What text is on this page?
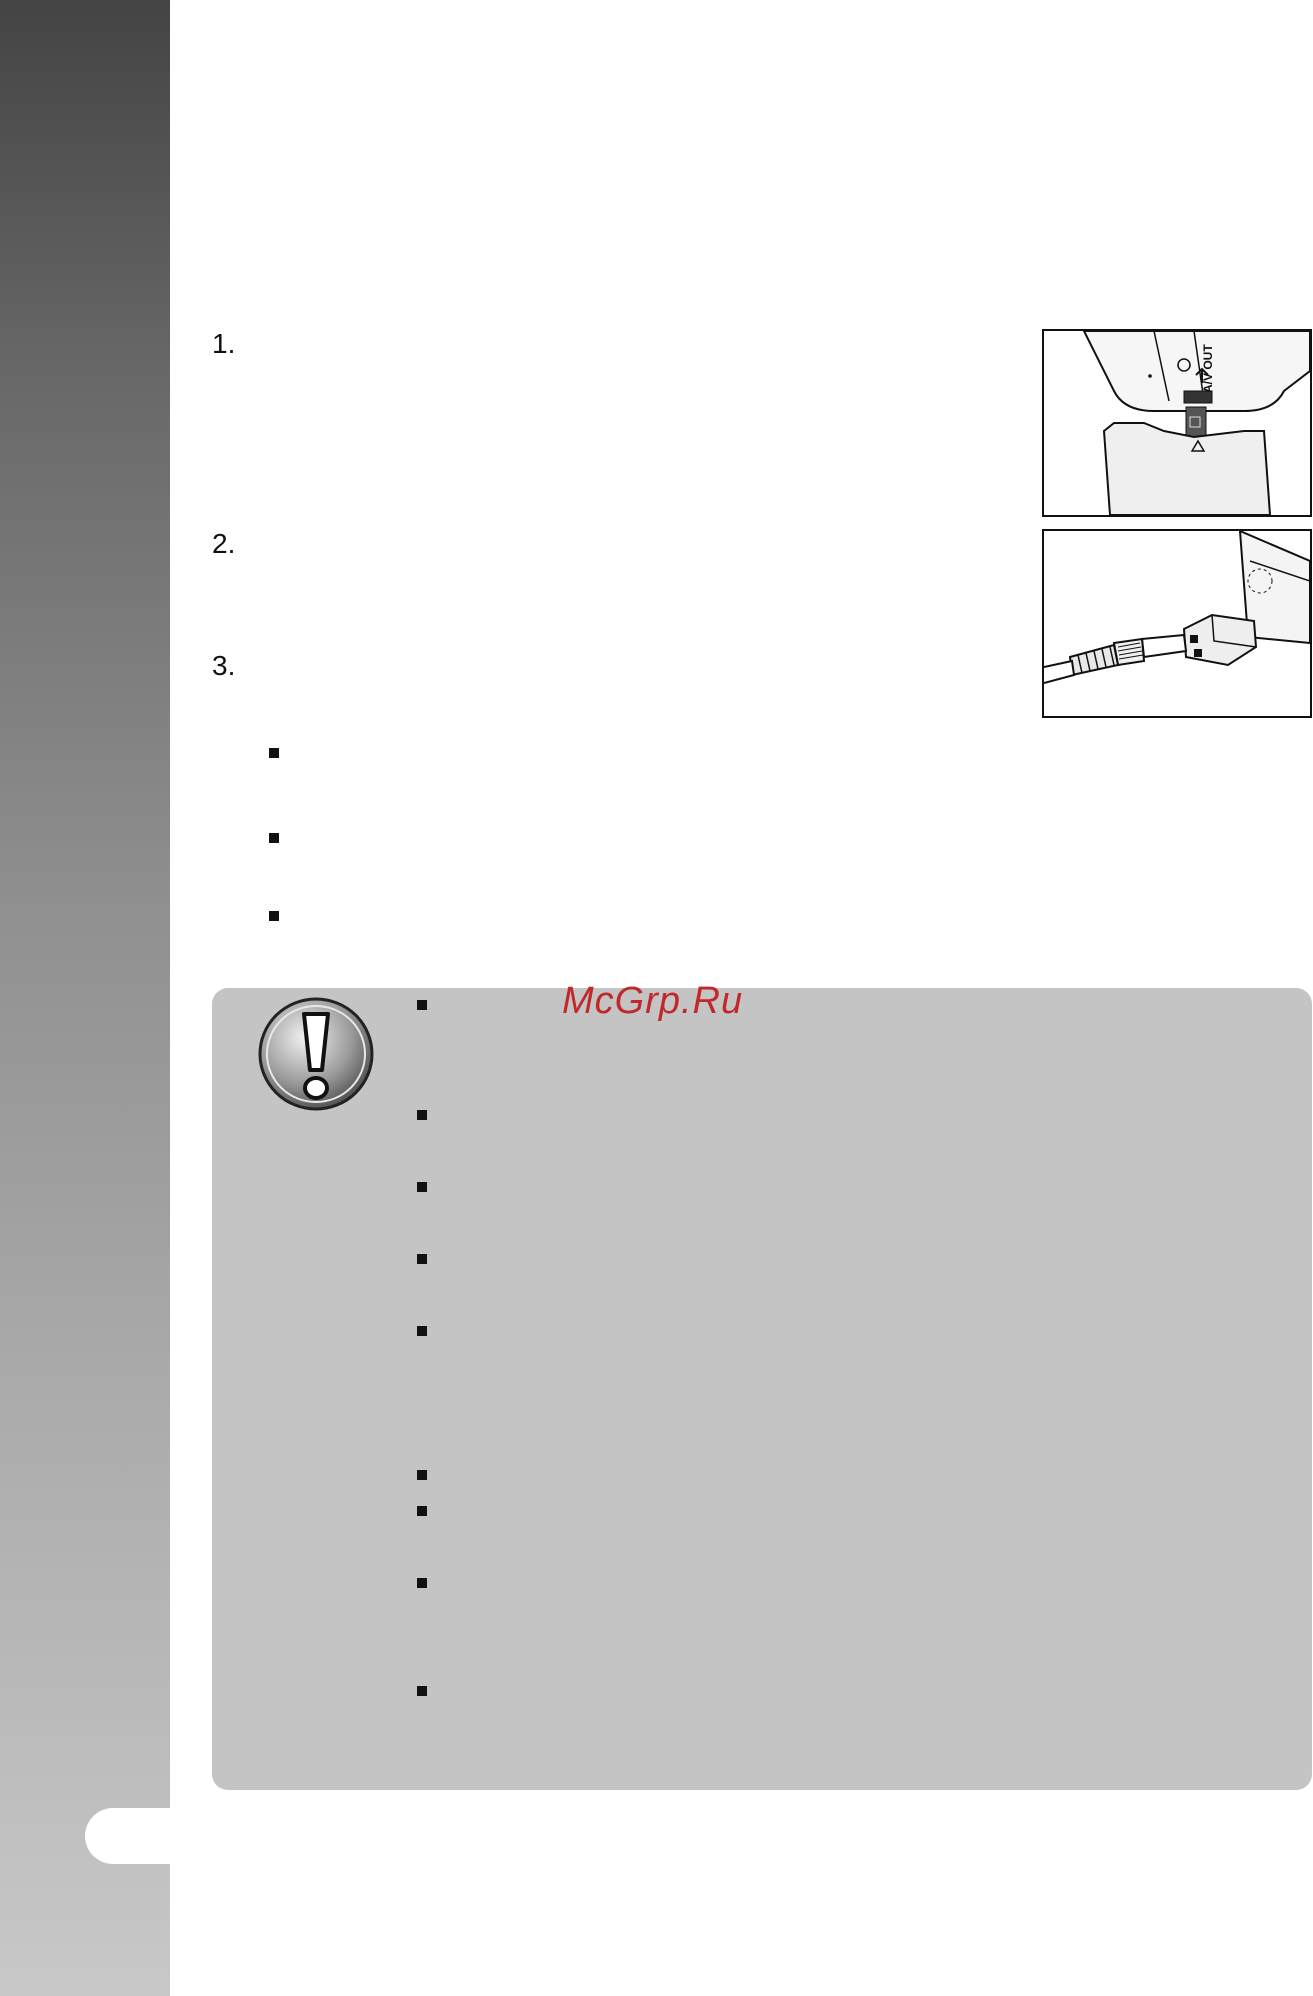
1.
2.
3.
A/V OUT
McGrp.Ru
